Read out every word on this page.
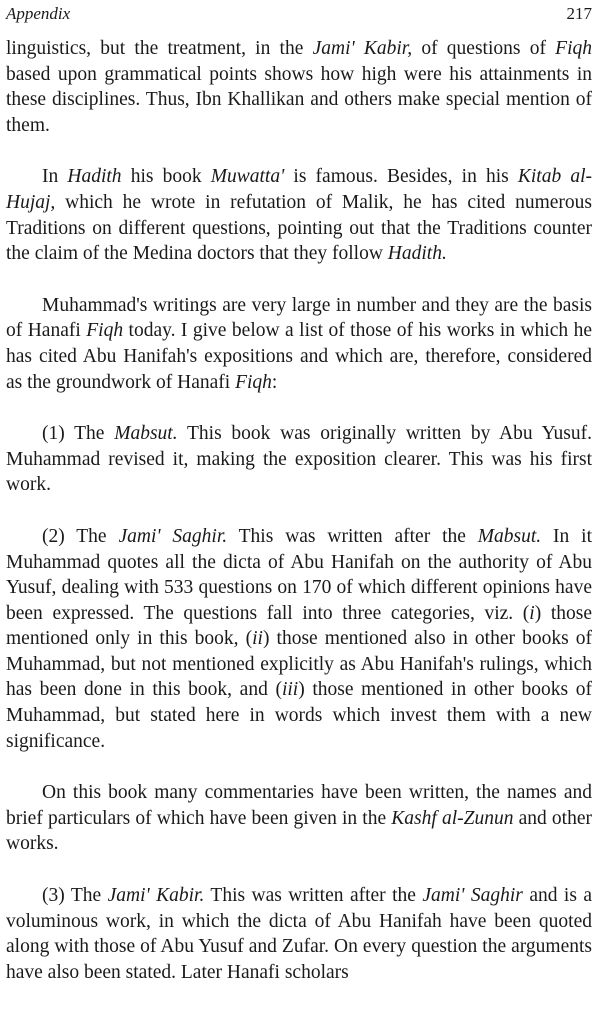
Appendix	217

linguistics, but the treatment, in the Jami' Kabir, of questions of Fiqh based upon grammatical points shows how high were his attainments in these disciplines. Thus, Ibn Khallikan and others make special mention of them.

In Hadith his book Muwatta' is famous. Besides, in his Kitab al-Hujaj, which he wrote in refutation of Malik, he has cited numerous Traditions on different questions, pointing out that the Traditions counter the claim of the Medina doctors that they follow Hadith.

Muhammad's writings are very large in number and they are the basis of Hanafi Fiqh today. I give below a list of those of his works in which he has cited Abu Hanifah's expositions and which are, therefore, considered as the groundwork of Hanafi Fiqh:

(1) The Mabsut. This book was originally written by Abu Yusuf. Muhammad revised it, making the exposition clearer. This was his first work.

(2) The Jami' Saghir. This was written after the Mabsut. In it Muhammad quotes all the dicta of Abu Hanifah on the authority of Abu Yusuf, dealing with 533 questions on 170 of which different opinions have been expressed. The questions fall into three categories, viz. (i) those mentioned only in this book, (ii) those mentioned also in other books of Muhammad, but not mentioned explicitly as Abu Hanifah's rulings, which has been done in this book, and (iii) those mentioned in other books of Muhammad, but stated here in words which invest them with a new significance.

On this book many commentaries have been written, the names and brief particulars of which have been given in the Kashf al-Zunun and other works.

(3) The Jami' Kabir. This was written after the Jami' Saghir and is a voluminous work, in which the dicta of Abu Hanifah have been quoted along with those of Abu Yusuf and Zufar. On every question the arguments have also been stated. Later Hanafi scholars
